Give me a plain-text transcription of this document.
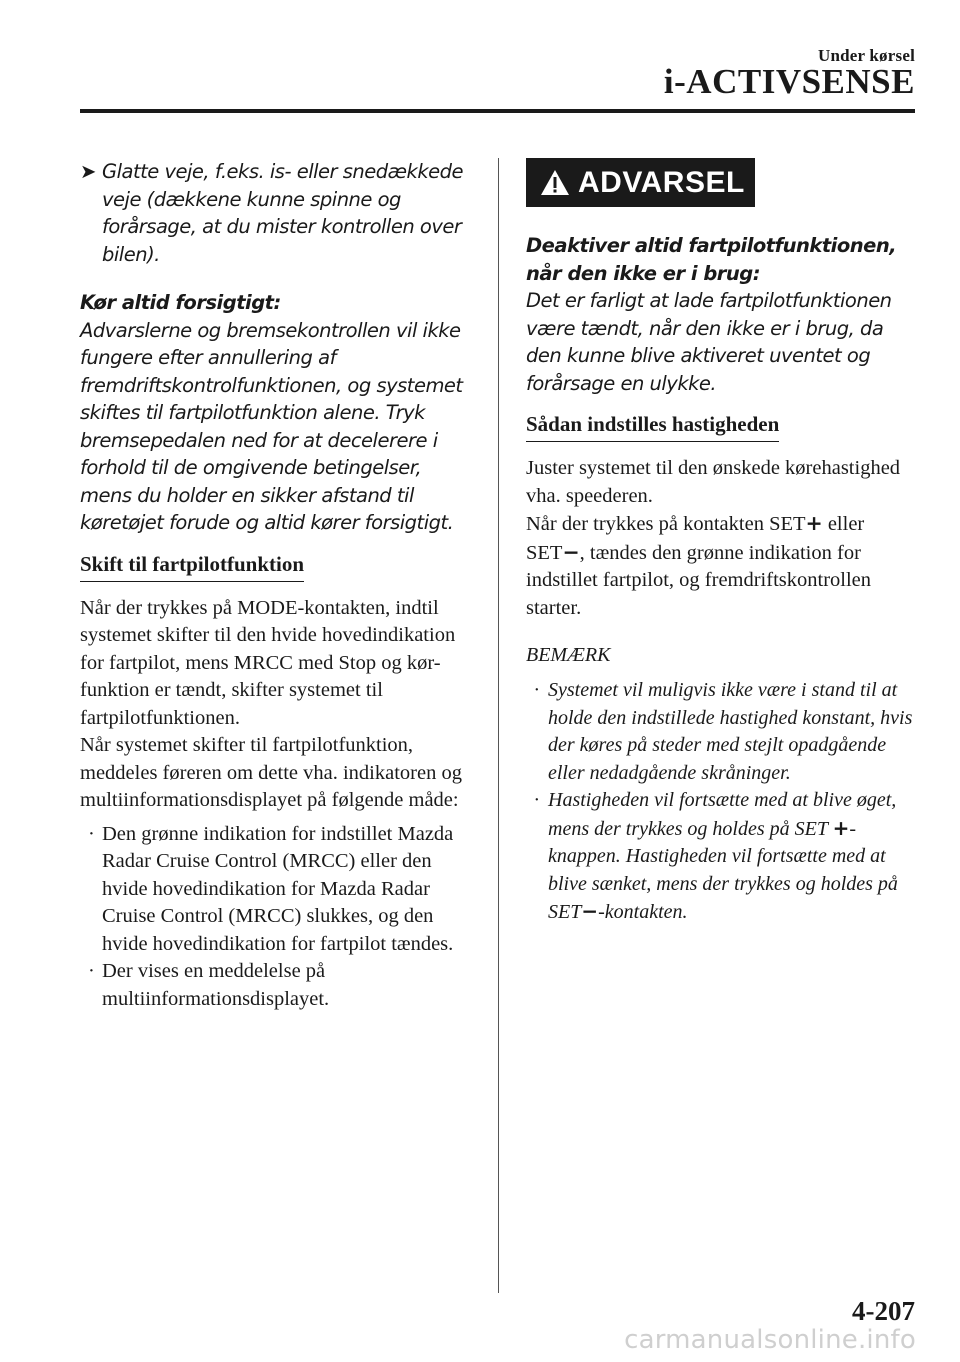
Under kørsel
i-ACTIVSENSE
➤ Glatte veje, f.eks. is- eller snedækkede veje (dækkene kunne spinne og forårsage, at du mister kontrollen over bilen).
Kør altid forsigtigt:
Advarslerne og bremsekontrollen vil ikke fungere efter annullering af fremdriftskontrolfunktionen, og systemet skiftes til fartpilotfunktion alene. Tryk bremsepedalen ned for at decelerere i forhold til de omgivende betingelser, mens du holder en sikker afstand til køretøjet forude og altid kører forsigtigt.
Skift til fartpilotfunktion
Når der trykkes på MODE-kontakten, indtil systemet skifter til den hvide hovedindikation for fartpilot, mens MRCC med Stop og kør-funktion er tændt, skifter systemet til fartpilotfunktionen.
Når systemet skifter til fartpilotfunktion, meddeles føreren om dette vha. indikatoren og multiinformationsdisplayet på følgende måde:
· Den grønne indikation for indstillet Mazda Radar Cruise Control (MRCC) eller den hvide hovedindikation for Mazda Radar Cruise Control (MRCC) slukkes, og den hvide hovedindikation for fartpilot tændes.
· Der vises en meddelelse på multiinformationsdisplayet.
ADVARSEL
Deaktiver altid fartpilotfunktionen, når den ikke er i brug:
Det er farligt at lade fartpilotfunktionen være tændt, når den ikke er i brug, da den kunne blive aktiveret uventet og forårsage en ulykke.
Sådan indstilles hastigheden
Juster systemet til den ønskede kørehastighed vha. speederen.
Når der trykkes på kontakten SET+ eller SET−, tændes den grønne indikation for indstillet fartpilot, og fremdriftskontrollen starter.
BEMÆRK
· Systemet vil muligvis ikke være i stand til at holde den indstillede hastighed konstant, hvis der køres på steder med stejlt opadgående eller nedadgående skråninger.
· Hastigheden vil fortsætte med at blive øget, mens der trykkes og holdes på SET +-knappen. Hastigheden vil fortsætte med at blive sænket, mens der trykkes og holdes på SET−-kontakten.
4-207
carmanualsonline.info
